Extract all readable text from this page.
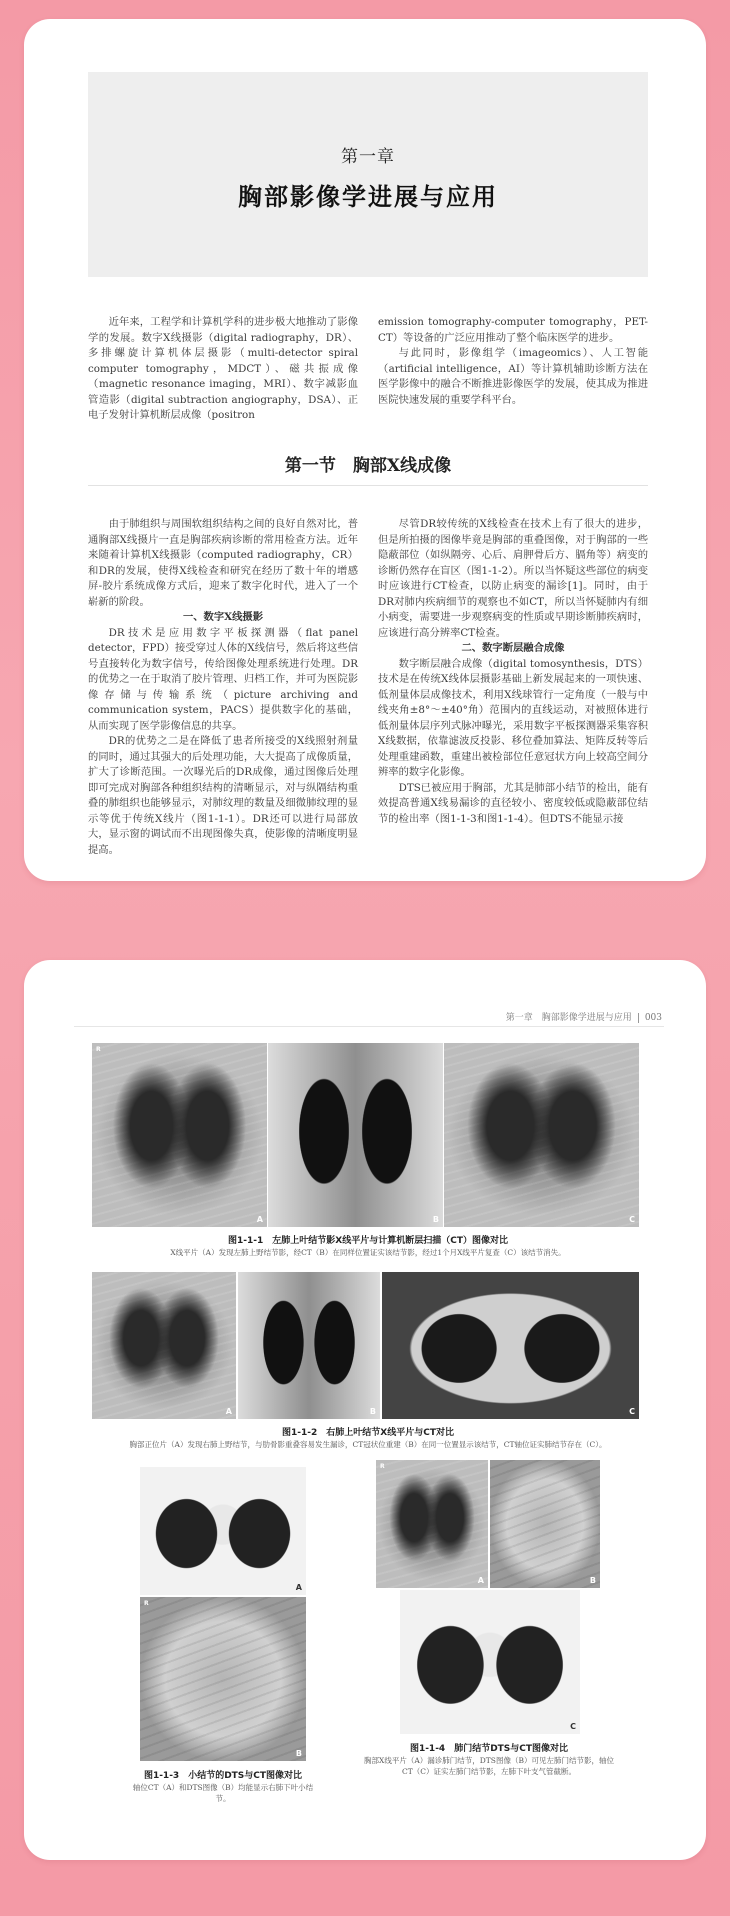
第一章
胸部影像学进展与应用

近年来，工程学和计算机学科的进步极大地推动了影像学的发展。数字X线摄影（digital radiography，DR）、多排螺旋计算机体层摄影（multi-detector spiral computer tomography，MDCT）、磁共振成像（magnetic resonance imaging，MRI）、数字减影血管造影（digital subtraction angiography，DSA）、正电子发射计算机断层成像（positron

emission tomography-computer tomography，PET-CT）等设备的广泛应用推动了整个临床医学的进步。

与此同时，影像组学（imageomics）、人工智能（artificial intelligence，AI）等计算机辅助诊断方法在医学影像中的融合不断推进影像医学的发展，使其成为推进医院快速发展的重要学科平台。

第一节　胸部X线成像

由于肺组织与周围软组织结构之间的良好自然对比，普通胸部X线摄片一直是胸部疾病诊断的常用检查方法。近年来随着计算机X线摄影（computed radiography，CR）和DR的发展，使得X线检查和研究在经历了数十年的增感屏-胶片系统成像方式后，迎来了数字化时代，进入了一个崭新的阶段。

一、数字X线摄影

DR技术是应用数字平板探测器（flat panel detector，FPD）接受穿过人体的X线信号，然后将这些信号直接转化为数字信号，传给图像处理系统进行处理。DR的优势之一在于取消了胶片管理、归档工作，并可为医院影像存储与传输系统（picture archiving and communication system，PACS）提供数字化的基础，从而实现了医学影像信息的共享。

DR的优势之二是在降低了患者所接受的X线照射剂量的同时，通过其强大的后处理功能，大大提高了成像质量，扩大了诊断范围。一次曝光后的DR成像，通过图像后处理即可完成对胸部各种组织结构的清晰显示，对与纵隔结构重叠的肺组织也能够显示，对肺纹理的数量及细微肺纹理的显示等优于传统X线片（图1-1-1）。DR还可以进行局部放大，显示窗的调试而不出现图像失真，使影像的清晰度明显提高。

尽管DR较传统的X线检查在技术上有了很大的进步，但是所拍摄的图像毕竟是胸部的重叠图像，对于胸部的一些隐蔽部位（如纵隔旁、心后、肩胛骨后方、膈角等）病变的诊断仍然存在盲区（图1-1-2）。所以当怀疑这些部位的病变时应该进行CT检查，以防止病变的漏诊[1]。同时，由于DR对肺内疾病细节的观察也不如CT，所以当怀疑肺内有细小病变，需要进一步观察病变的性质或早期诊断肺疾病时，应该进行高分辨率CT检查。

二、数字断层融合成像

数字断层融合成像（digital tomosynthesis，DTS）技术是在传统X线体层摄影基础上新发展起来的一项快速、低剂量体层成像技术，利用X线球管行一定角度（一般与中线夹角±8°～±40°角）范围内的直线运动，对被照体进行低剂量体层序列式脉冲曝光，采用数字平板探测器采集容积X线数据，依靠滤波反投影、移位叠加算法、矩阵反转等后处理重建函数，重建出被检部位任意冠状方向上较高空间分辨率的数字化影像。

DTS已被应用于胸部，尤其是肺部小结节的检出，能有效提高普通X线易漏诊的直径较小、密度较低或隐蔽部位结节的检出率（图1-1-3和图1-1-4）。但DTS不能显示接

第一章　胸部影像学进展与应用 003
R
A	B	C
图1-1-1　左肺上叶结节影X线平片与计算机断层扫描（CT）图像对比
X线平片（A）发现左肺上野结节影，经CT（B）在同样位置证实该结节影，经过1个月X线平片复查（C）该结节消失。
A	B	C
图1-1-2　右肺上叶结节X线平片与CT对比
胸部正位片（A）发现右肺上野结节，与肋骨影重叠容易发生漏诊，CT冠状位重建（B）在同一位置显示该结节，CT轴位证实肺结节存在（C）。
A
R
B
图1-1-3　小结节的DTS与CT图像对比
轴位CT（A）和DTS图像（B）均能显示右肺下叶小结节。
R
A	B
C
图1-1-4　肺门结节DTS与CT图像对比
胸部X线平片（A）漏诊肺门结节，DTS图像（B）可见左肺门结节影，轴位CT（C）证实左肺门结节影，左肺下叶支气管截断。
